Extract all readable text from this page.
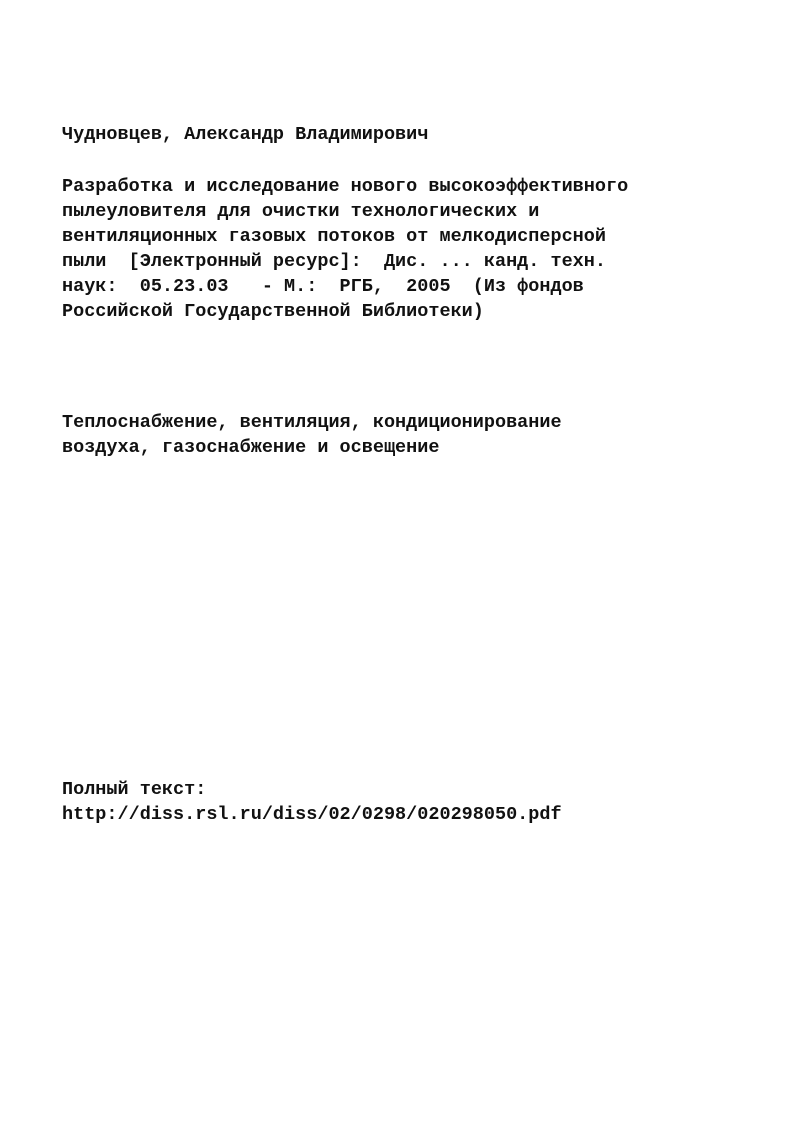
Чудновцев, Александр Владимирович
Разработка и исследование нового высокоэффективного
пылеуловителя для очистки технологических и
вентиляционных газовых потоков от мелкодисперсной
пыли  [Электронный ресурс]:  Дис. ... канд. техн.
наук:  05.23.03   - М.:  РГБ,  2005  (Из фондов
Российской Государственной Библиотеки)
Теплоснабжение, вентиляция, кондиционирование
воздуха, газоснабжение и освещение
Полный текст:
http://diss.rsl.ru/diss/02/0298/020298050.pdf
